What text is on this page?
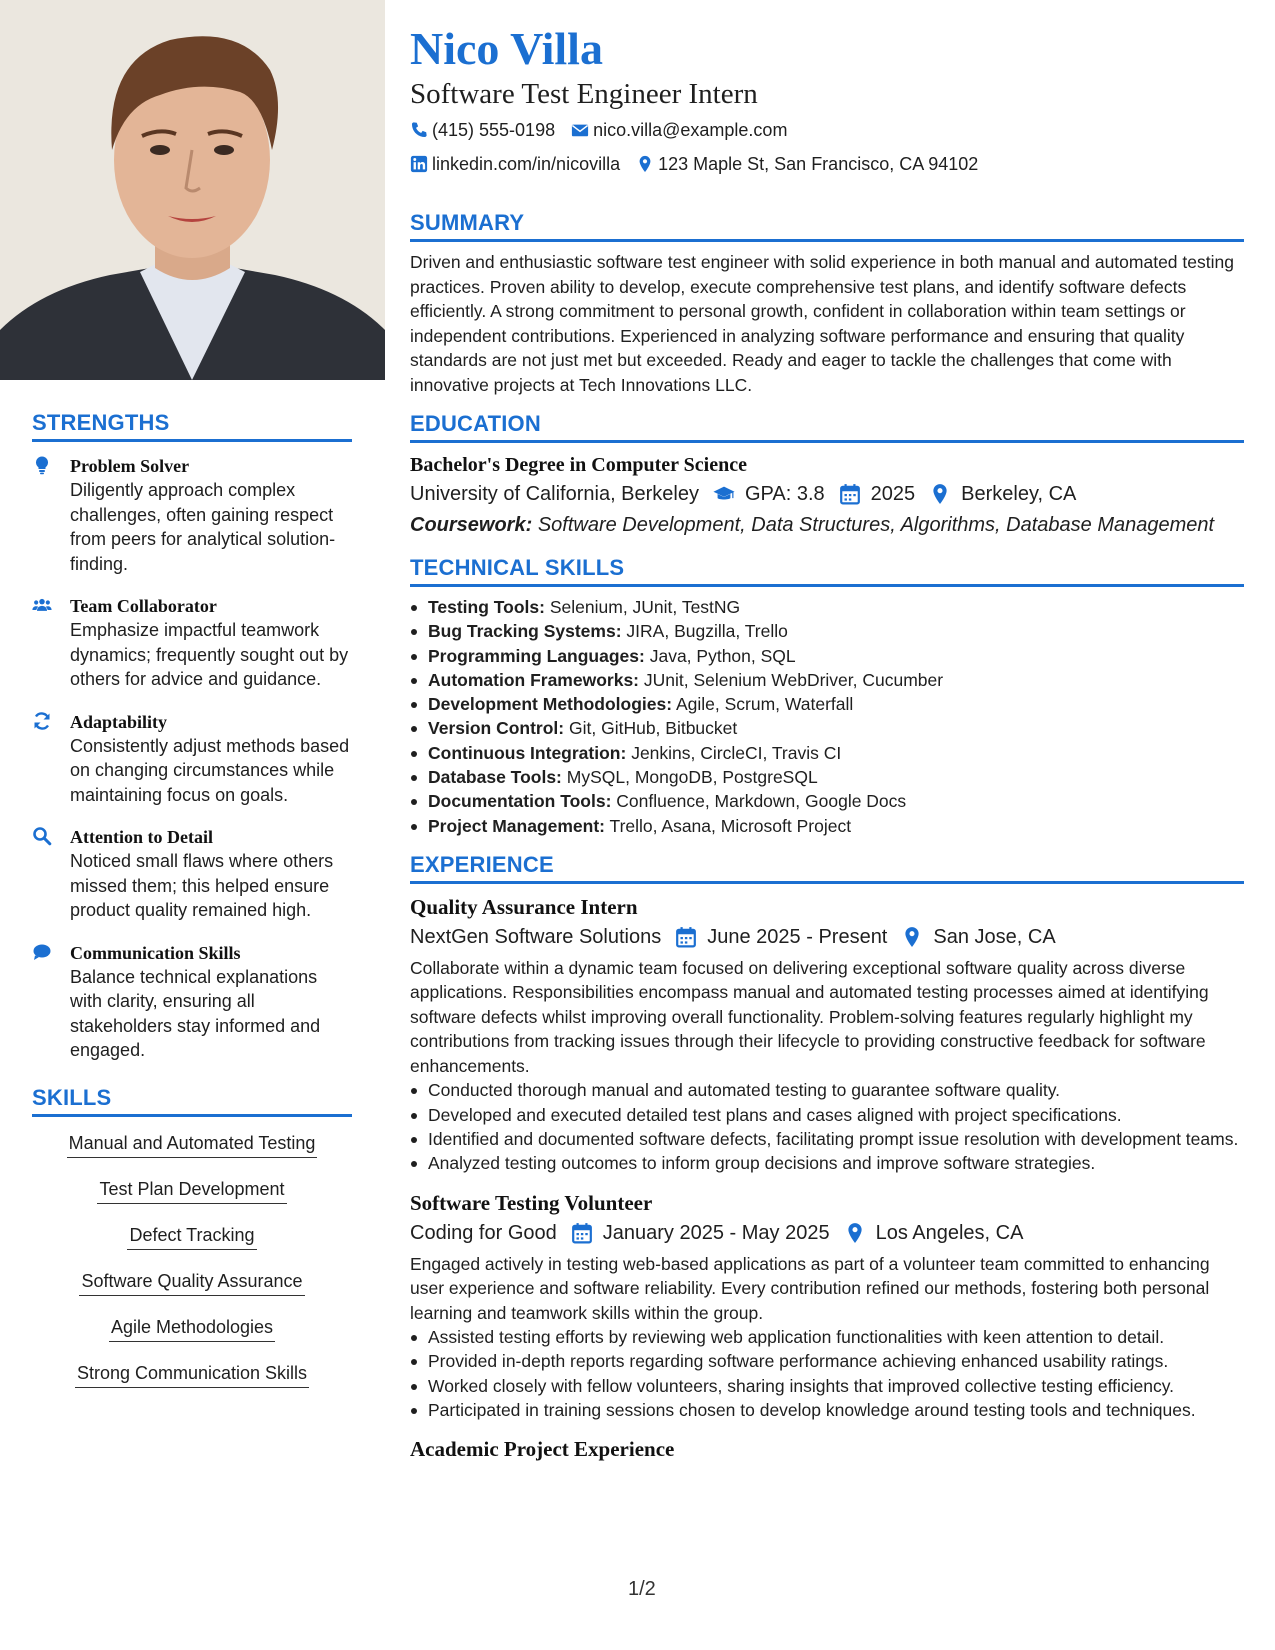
STRENGTHS
Problem Solver
Diligently approach complex challenges, often gaining respect from peers for analytical solution-finding.
Team Collaborator
Emphasize impactful teamwork dynamics; frequently sought out by others for advice and guidance.
Adaptability
Consistently adjust methods based on changing circumstances while maintaining focus on goals.
Attention to Detail
Noticed small flaws where others missed them; this helped ensure product quality remained high.
Communication Skills
Balance technical explanations with clarity, ensuring all stakeholders stay informed and engaged.
SKILLS
Manual and Automated Testing
Test Plan Development
Defect Tracking
Software Quality Assurance
Agile Methodologies
Strong Communication Skills
Nico Villa
Software Test Engineer Intern
(415) 555-0198 nico.villa@example.com
linkedin.com/in/nicovilla 123 Maple St, San Francisco, CA 94102
SUMMARY
Driven and enthusiastic software test engineer with solid experience in both manual and automated testing practices. Proven ability to develop, execute comprehensive test plans, and identify software defects efficiently. A strong commitment to personal growth, confident in collaboration within team settings or independent contributions. Experienced in analyzing software performance and ensuring that quality standards are not just met but exceeded. Ready and eager to tackle the challenges that come with innovative projects at Tech Innovations LLC.
EDUCATION
Bachelor's Degree in Computer Science
University of California, Berkeley GPA: 3.8 2025 Berkeley, CA
Coursework: Software Development, Data Structures, Algorithms, Database Management
TECHNICAL SKILLS
Testing Tools: Selenium, JUnit, TestNG
Bug Tracking Systems: JIRA, Bugzilla, Trello
Programming Languages: Java, Python, SQL
Automation Frameworks: JUnit, Selenium WebDriver, Cucumber
Development Methodologies: Agile, Scrum, Waterfall
Version Control: Git, GitHub, Bitbucket
Continuous Integration: Jenkins, CircleCI, Travis CI
Database Tools: MySQL, MongoDB, PostgreSQL
Documentation Tools: Confluence, Markdown, Google Docs
Project Management: Trello, Asana, Microsoft Project
EXPERIENCE
Quality Assurance Intern
NextGen Software Solutions June 2025 - Present San Jose, CA
Collaborate within a dynamic team focused on delivering exceptional software quality across diverse applications. Responsibilities encompass manual and automated testing processes aimed at identifying software defects whilst improving overall functionality. Problem-solving features regularly highlight my contributions from tracking issues through their lifecycle to providing constructive feedback for software enhancements.
Conducted thorough manual and automated testing to guarantee software quality.
Developed and executed detailed test plans and cases aligned with project specifications.
Identified and documented software defects, facilitating prompt issue resolution with development teams.
Analyzed testing outcomes to inform group decisions and improve software strategies.
Software Testing Volunteer
Coding for Good January 2025 - May 2025 Los Angeles, CA
Engaged actively in testing web-based applications as part of a volunteer team committed to enhancing user experience and software reliability. Every contribution refined our methods, fostering both personal learning and teamwork skills within the group.
Assisted testing efforts by reviewing web application functionalities with keen attention to detail.
Provided in-depth reports regarding software performance achieving enhanced usability ratings.
Worked closely with fellow volunteers, sharing insights that improved collective testing efficiency.
Participated in training sessions chosen to develop knowledge around testing tools and techniques.
Academic Project Experience
1/2
